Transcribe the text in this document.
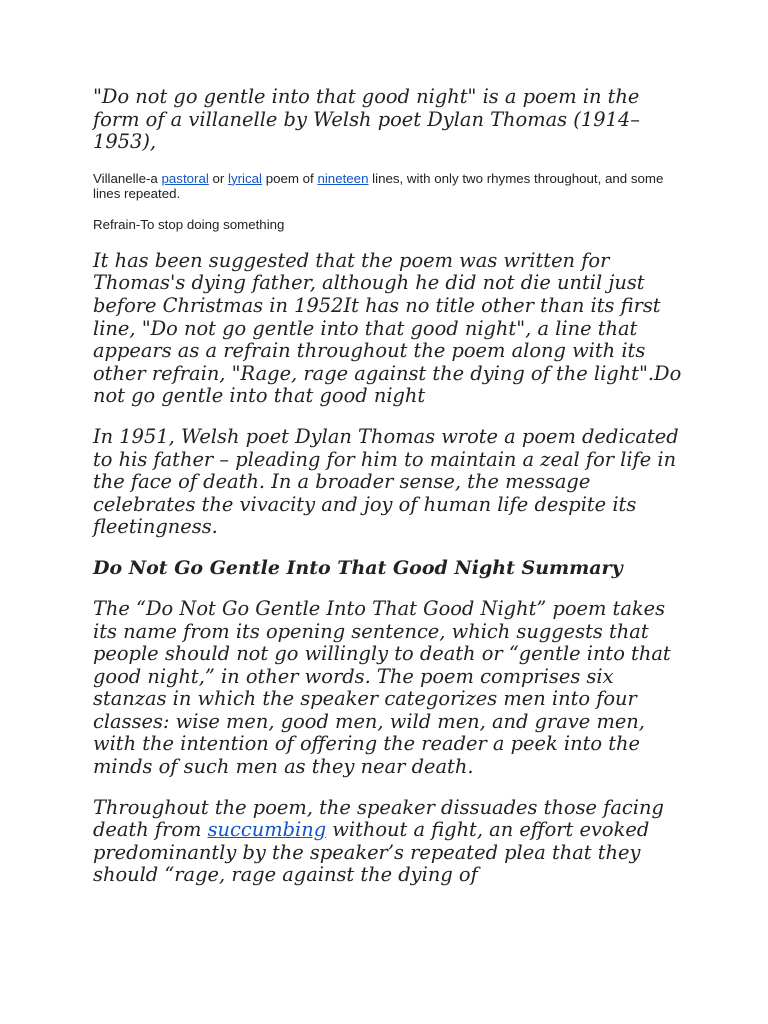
"Do not go gentle into that good night" is a poem in the form of a villanelle by Welsh poet Dylan Thomas (1914–1953),

Villanelle-a pastoral or lyrical poem of nineteen lines, with only two rhymes throughout, and some lines repeated.

Refrain-To stop doing something

It has been suggested that the poem was written for Thomas's dying father, although he did not die until just before Christmas in 1952It has no title other than its first line, "Do not go gentle into that good night", a line that appears as a refrain throughout the poem along with its other refrain, "Rage, rage against the dying of the light".Do not go gentle into that good night

In 1951, Welsh poet Dylan Thomas wrote a poem dedicated to his father – pleading for him to maintain a zeal for life in the face of death. In a broader sense, the message celebrates the vivacity and joy of human life despite its fleetingness.

Do Not Go Gentle Into That Good Night Summary

The “Do Not Go Gentle Into That Good Night” poem takes its name from its opening sentence, which suggests that people should not go willingly to death or “gentle into that good night,” in other words. The poem comprises six stanzas in which the speaker categorizes men into four classes: wise men, good men, wild men, and grave men, with the intention of offering the reader a peek into the minds of such men as they near death.

Throughout the poem, the speaker dissuades those facing death from succumbing without a fight, an effort evoked predominantly by the speaker’s repeated plea that they should “rage, rage against the dying of
